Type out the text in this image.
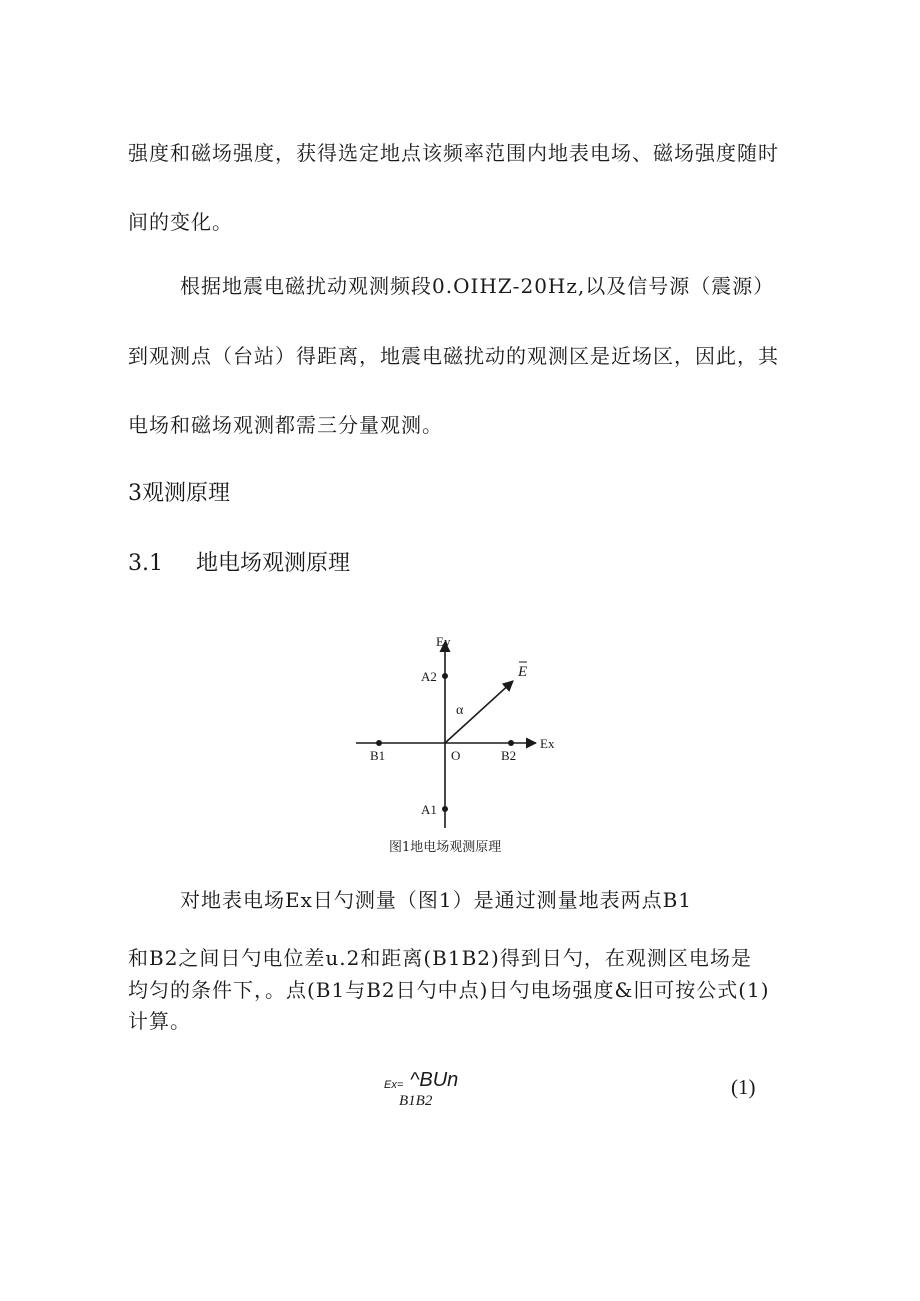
强度和磁场强度，获得选定地点该频率范围内地表电场、磁场强度随时
间的变化。
根据地震电磁扰动观测频段0.OIHZ-20Hz,以及信号源（震源）
到观测点（台站）得距离，地震电磁扰动的观测区是近场区，因此，其
电场和磁场观测都需三分量观测。
3观测原理
3.1 地电场观测原理
Ey
A2
α
E
Ex
B1	O	B2
A1
图1地电场观测原理
对地表电场Ex日勺测量（图1）是通过测量地表两点B1
和B2之间日勺电位差u.2和距离(B1B2)得到日勺，在观测区电场是
均匀的条件下，。点(B1与B2日勺中点)日勺电场强度&旧可按公式(1)
计算。
Ex= ^BUn
B1B2
(1)
